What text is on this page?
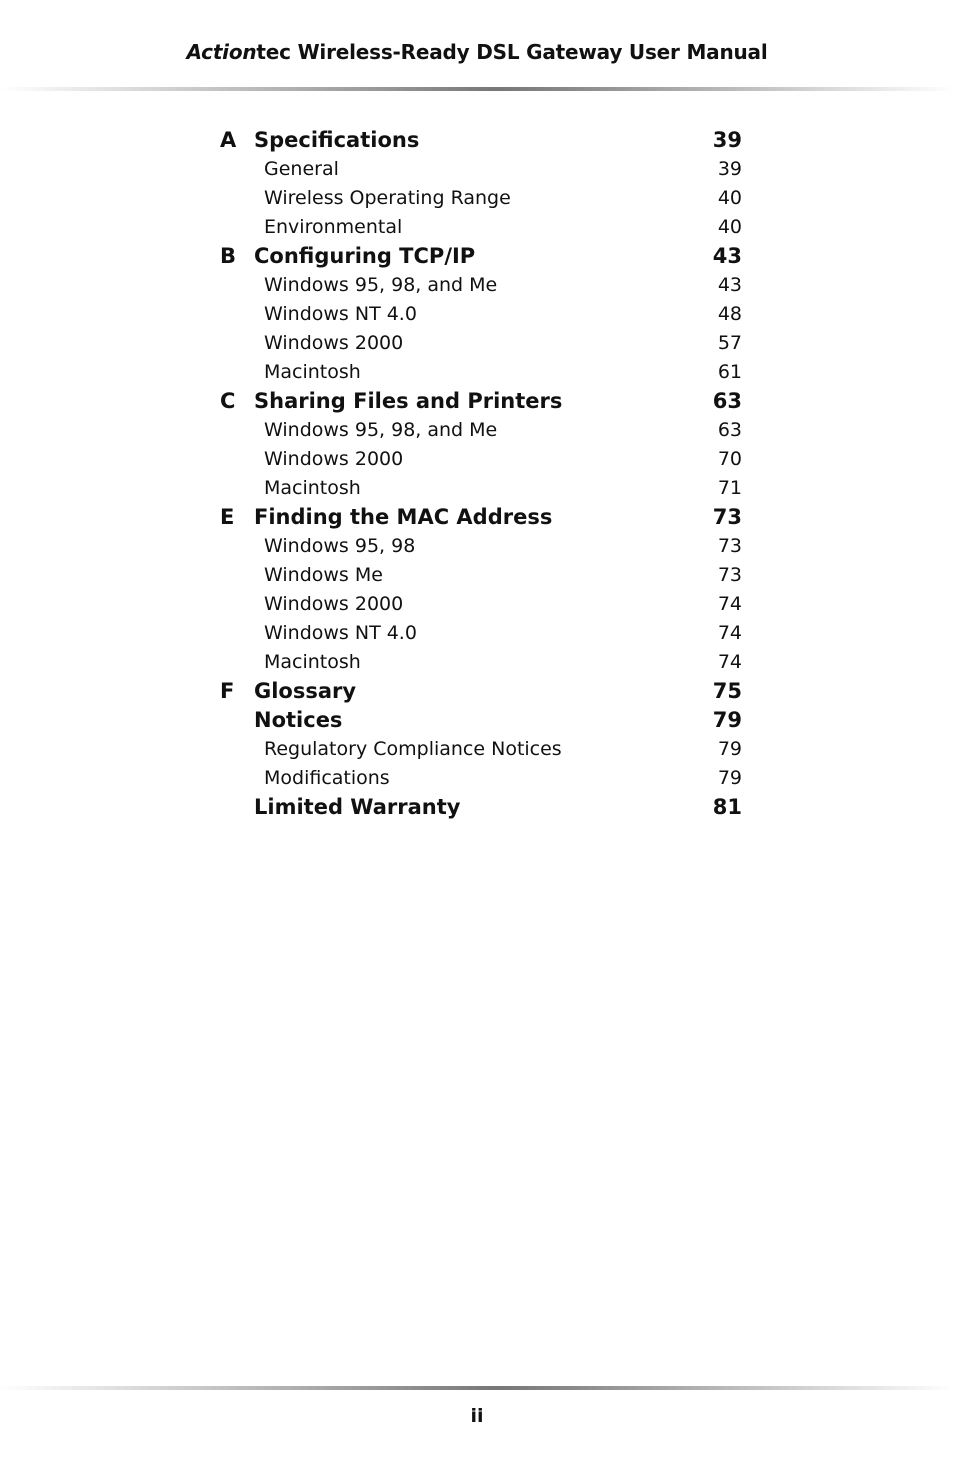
Actiontec Wireless-Ready DSL Gateway User Manual
A Specifications	39
General	39
Wireless Operating Range	40
Environmental	40
B Configuring TCP/IP	43
Windows 95, 98, and Me	43
Windows NT 4.0	48
Windows 2000	57
Macintosh	61
C Sharing Files and Printers	63
Windows 95, 98, and Me	63
Windows 2000	70
Macintosh	71
E Finding the MAC Address	73
Windows 95, 98	73
Windows Me	73
Windows 2000	74
Windows NT 4.0	74
Macintosh	74
F Glossary	75
Notices	79
Regulatory Compliance Notices	79
Modifications	79
Limited Warranty	81
ii
